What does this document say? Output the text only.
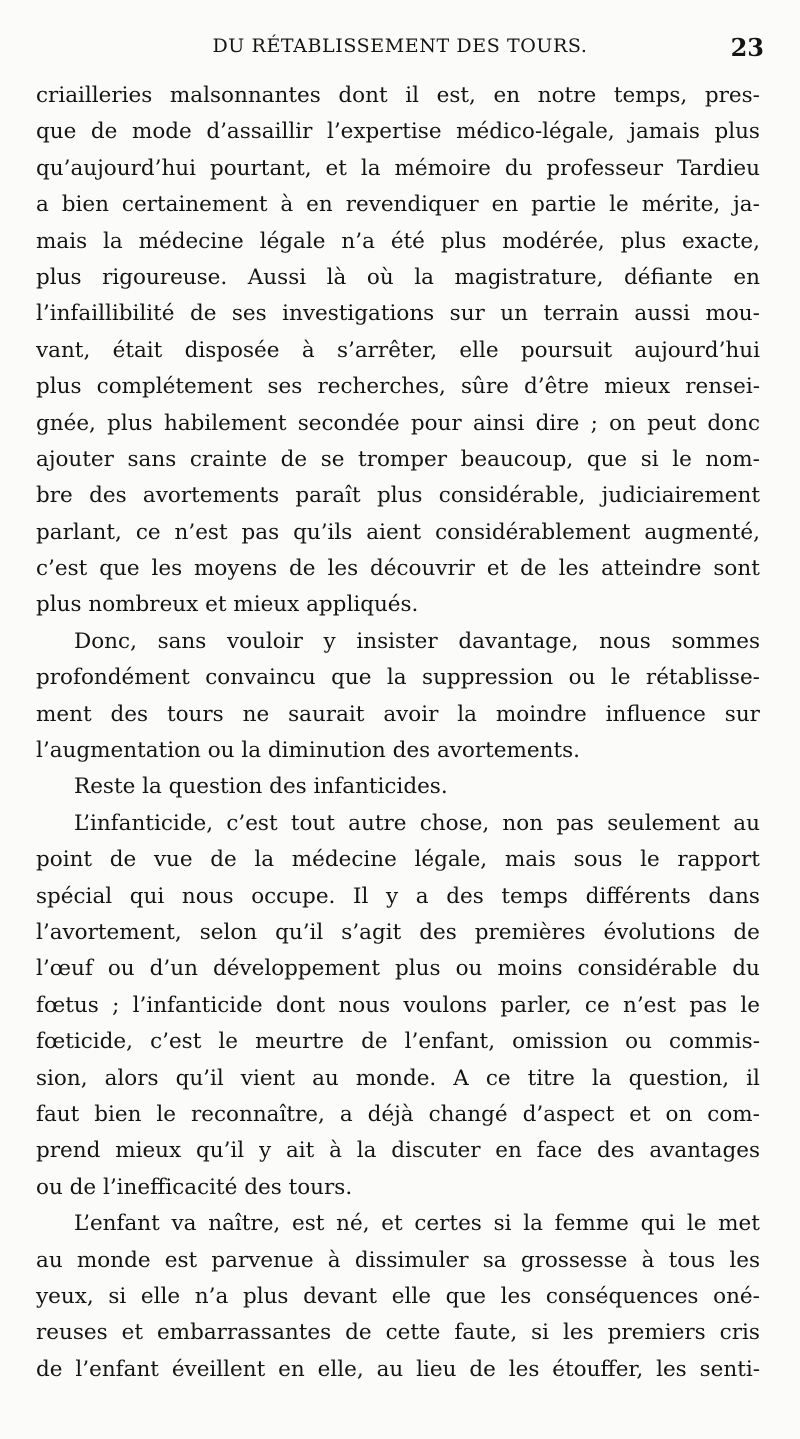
DU RÉTABLISSEMENT DES TOURS.	23
criailleries malsonnantes dont il est, en notre temps, pres-
que de mode d’assaillir l’expertise médico-légale, jamais plus
qu’aujourd’hui pourtant, et la mémoire du professeur Tardieu
a bien certainement à en revendiquer en partie le mérite, ja-
mais la médecine légale n’a été plus modérée, plus exacte,
plus rigoureuse. Aussi là où la magistrature, défiante en
l’infaillibilité de ses investigations sur un terrain aussi mou-
vant, était disposée à s’arrêter, elle poursuit aujourd’hui
plus complétement ses recherches, sûre d’être mieux rensei-
gnée, plus habilement secondée pour ainsi dire ; on peut donc
ajouter sans crainte de se tromper beaucoup, que si le nom-
bre des avortements paraît plus considérable, judiciairement
parlant, ce n’est pas qu’ils aient considérablement augmenté,
c’est que les moyens de les découvrir et de les atteindre sont
plus nombreux et mieux appliqués.
Donc, sans vouloir y insister davantage, nous sommes
profondément convaincu que la suppression ou le rétablisse-
ment des tours ne saurait avoir la moindre influence sur
l’augmentation ou la diminution des avortements.
Reste la question des infanticides.
L’infanticide, c’est tout autre chose, non pas seulement au
point de vue de la médecine légale, mais sous le rapport
spécial qui nous occupe. Il y a des temps différents dans
l’avortement, selon qu’il s’agit des premières évolutions de
l’œuf ou d’un développement plus ou moins considérable du
fœtus ; l’infanticide dont nous voulons parler, ce n’est pas le
fœticide, c’est le meurtre de l’enfant, omission ou commis-
sion, alors qu’il vient au monde. A ce titre la question, il
faut bien le reconnaître, a déjà changé d’aspect et on com-
prend mieux qu’il y ait à la discuter en face des avantages
ou de l’inefficacité des tours.
L’enfant va naître, est né, et certes si la femme qui le met
au monde est parvenue à dissimuler sa grossesse à tous les
yeux, si elle n’a plus devant elle que les conséquences oné-
reuses et embarrassantes de cette faute, si les premiers cris
de l’enfant éveillent en elle, au lieu de les étouffer, les senti-
